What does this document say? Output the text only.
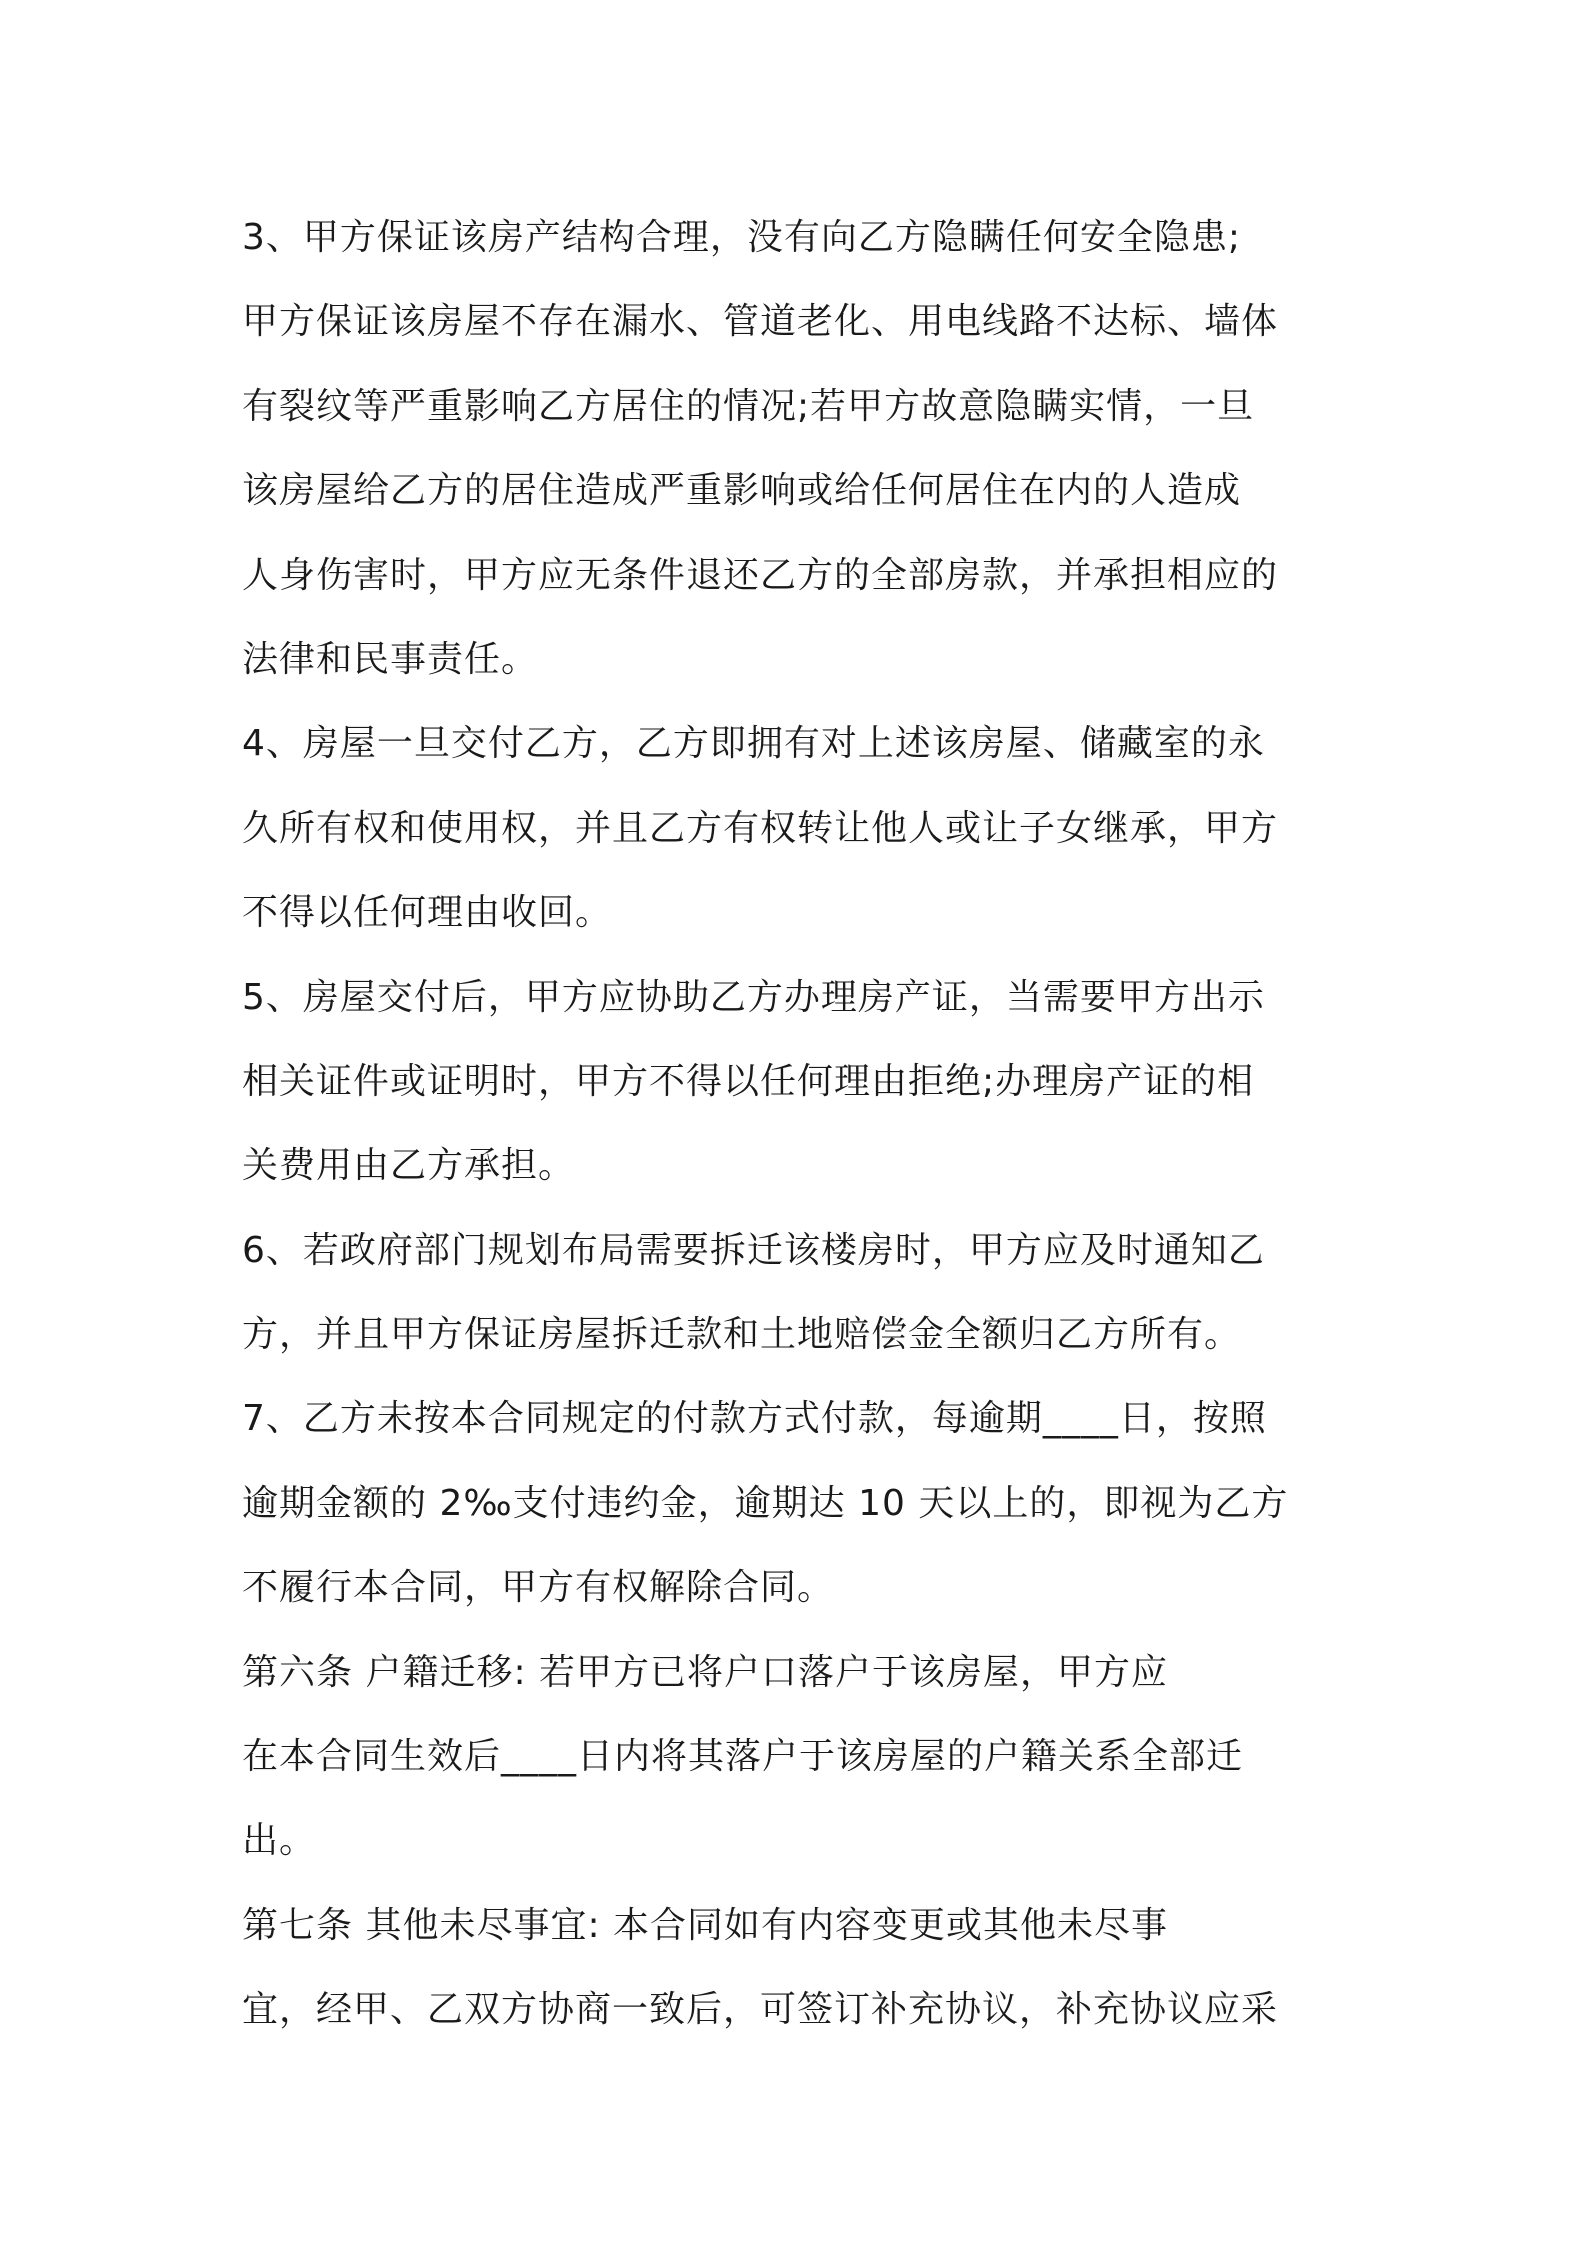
3、甲方保证该房产结构合理，没有向乙方隐瞒任何安全隐患;
甲方保证该房屋不存在漏水、管道老化、用电线路不达标、墙体
有裂纹等严重影响乙方居住的情况;若甲方故意隐瞒实情，一旦
该房屋给乙方的居住造成严重影响或给任何居住在内的人造成
人身伤害时，甲方应无条件退还乙方的全部房款，并承担相应的
法律和民事责任。
4、房屋一旦交付乙方，乙方即拥有对上述该房屋、储藏室的永
久所有权和使用权，并且乙方有权转让他人或让子女继承，甲方
不得以任何理由收回。
5、房屋交付后，甲方应协助乙方办理房产证，当需要甲方出示
相关证件或证明时，甲方不得以任何理由拒绝;办理房产证的相
关费用由乙方承担。
6、若政府部门规划布局需要拆迁该楼房时，甲方应及时通知乙
方，并且甲方保证房屋拆迁款和土地赔偿金全额归乙方所有。
7、乙方未按本合同规定的付款方式付款，每逾期____日，按照
逾期金额的 2‰支付违约金，逾期达 10 天以上的，即视为乙方
不履行本合同，甲方有权解除合同。
第六条 户籍迁移: 若甲方已将户口落户于该房屋，甲方应
在本合同生效后____日内将其落户于该房屋的户籍关系全部迁
出。
第七条 其他未尽事宜: 本合同如有内容变更或其他未尽事
宜，经甲、乙双方协商一致后，可签订补充协议，补充协议应采
